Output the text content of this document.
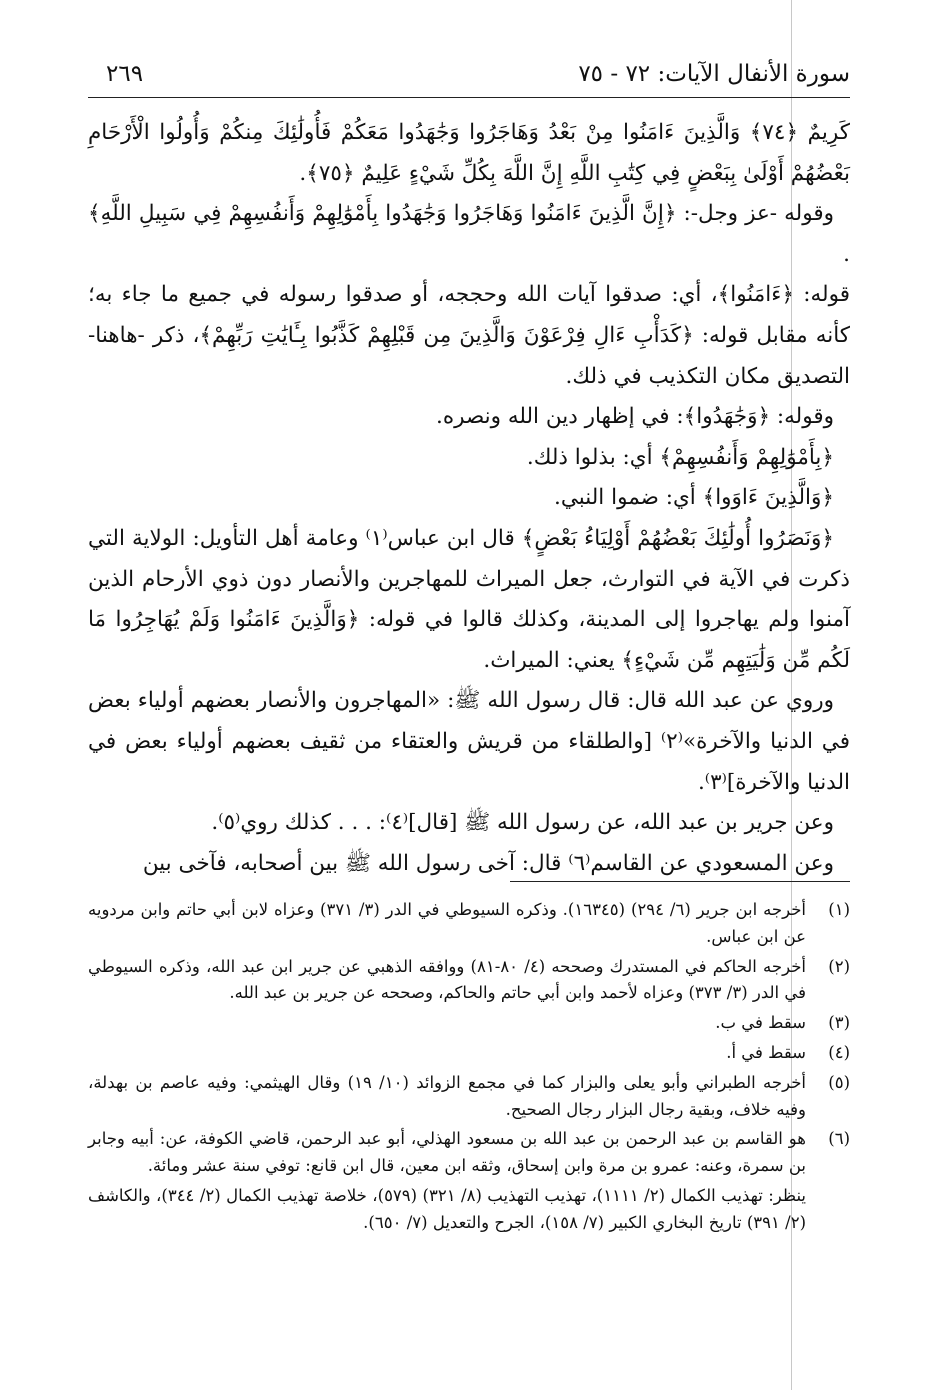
سورة الأنفال الآيات: ٧٢ - ٧٥
٢٦٩

كَرِيمٌ ﴿٧٤﴾ وَالَّذِينَ ءَامَنُوا مِنْ بَعْدُ وَهَاجَرُوا وَجَٰهَدُوا مَعَكُمْ فَأُولَٰئِكَ مِنكُمْ وَأُولُوا الْأَرْحَامِ بَعْضُهُمْ أَوْلَىٰ بِبَعْضٍ فِي كِتَٰبِ اللَّهِ إِنَّ اللَّهَ بِكُلِّ شَيْءٍ عَلِيمٌ ﴿٧٥﴾.

وقوله -عز وجل-: ﴿إِنَّ الَّذِينَ ءَامَنُوا وَهَاجَرُوا وَجَٰهَدُوا بِأَمْوَٰلِهِمْ وَأَنفُسِهِمْ فِي سَبِيلِ اللَّهِ﴾ .

قوله: ﴿ءَامَنُوا﴾، أي: صدقوا آيات الله وحججه، أو صدقوا رسوله في جميع ما جاء به؛ كأنه مقابل قوله: ﴿كَدَأْبِ ءَالِ فِرْعَوْنَ وَالَّذِينَ مِن قَبْلِهِمْ كَذَّبُوا بِـَٔايَٰتِ رَبِّهِمْ﴾، ذكر -هاهنا- التصديق مكان التكذيب في ذلك.

وقوله: ﴿وَجَٰهَدُوا﴾: في إظهار دين الله ونصره.

﴿بِأَمْوَٰلِهِمْ وَأَنفُسِهِمْ﴾ أي: بذلوا ذلك.

﴿وَالَّذِينَ ءَاوَوا﴾ أي: ضموا النبي.

﴿وَنَصَرُوا أُولَٰئِكَ بَعْضُهُمْ أَوْلِيَاءُ بَعْضٍ﴾ قال ابن عباس⁽١⁾ وعامة أهل التأويل: الولاية التي ذكرت في الآية في التوارث، جعل الميراث للمهاجرين والأنصار دون ذوي الأرحام الذين آمنوا ولم يهاجروا إلى المدينة، وكذلك قالوا في قوله: ﴿وَالَّذِينَ ءَامَنُوا وَلَمْ يُهَاجِرُوا مَا لَكُم مِّن وَلَٰيَتِهِم مِّن شَيْءٍ﴾ يعني: الميراث.

وروي عن عبد الله قال: قال رسول الله ﷺ: «المهاجرون والأنصار بعضهم أولياء بعض في الدنيا والآخرة»⁽٢⁾ [والطلقاء من قريش والعتقاء من ثقيف بعضهم أولياء بعض في الدنيا والآخرة]⁽٣⁾.

وعن جرير بن عبد الله، عن رسول الله ﷺ [قال]⁽٤⁾: . . . كذلك روي⁽٥⁾.

وعن المسعودي عن القاسم⁽٦⁾ قال: آخى رسول الله ﷺ بين أصحابه، فآخى بين

(١)
أخرجه ابن جرير (٦/ ٢٩٤) (١٦٣٤٥). وذكره السيوطي في الدر (٣/ ٣٧١) وعزاه لابن أبي حاتم وابن مردويه عن ابن عباس.
(٢)
أخرجه الحاكم في المستدرك وصححه (٤/ ٨٠-٨١) ووافقه الذهبي عن جرير ابن عبد الله، وذكره السيوطي في الدر (٣/ ٣٧٣) وعزاه لأحمد وابن أبي حاتم والحاكم، وصححه عن جرير بن عبد الله.
(٣)
سقط في ب.
(٤)
سقط في أ.
(٥)
أخرجه الطبراني وأبو يعلى والبزار كما في مجمع الزوائد (١٠/ ١٩) وقال الهيثمي: وفيه عاصم بن بهدلة، وفيه خلاف، وبقية رجال البزار رجال الصحيح.
(٦)
هو القاسم بن عبد الرحمن بن عبد الله بن مسعود الهذلي، أبو عبد الرحمن، قاضي الكوفة، عن: أبيه وجابر بن سمرة، وعنه: عمرو بن مرة وابن إسحاق، وثقه ابن معين، قال ابن قانع: توفي سنة عشر ومائة.
ينظر: تهذيب الكمال (٢/ ١١١١)، تهذيب التهذيب (٨/ ٣٢١) (٥٧٩)، خلاصة تهذيب الكمال (٢/ ٣٤٤)، والكاشف (٢/ ٣٩١) تاريخ البخاري الكبير (٧/ ١٥٨)، الجرح والتعديل (٧/ ٦٥٠).
